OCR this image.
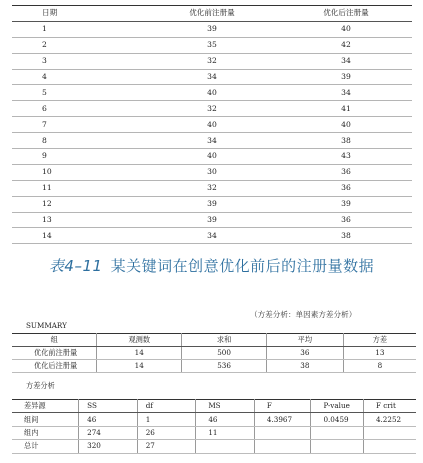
日期	优化前注册量	优化后注册量
1	39	40
2	35	42
3	32	34
4	34	39
5	40	34
6	32	41
7	40	40
8	34	38
9	40	43
10	30	36
11	32	36
12	39	39
13	39	36
14	34	38
表4–11 某关键词在创意优化前后的注册量数据
（方差分析：单因素方差分析）
SUMMARY
组	观测数	求和	平均	方差
优化前注册量	14	500	36	13
优化后注册量	14	536	38	8
方差分析
差异源	SS	df	MS	F	P-value	F crit
组间	46	1	46	4.3967	0.0459	4.2252
组内	274	26	11			
总计	320	27				
